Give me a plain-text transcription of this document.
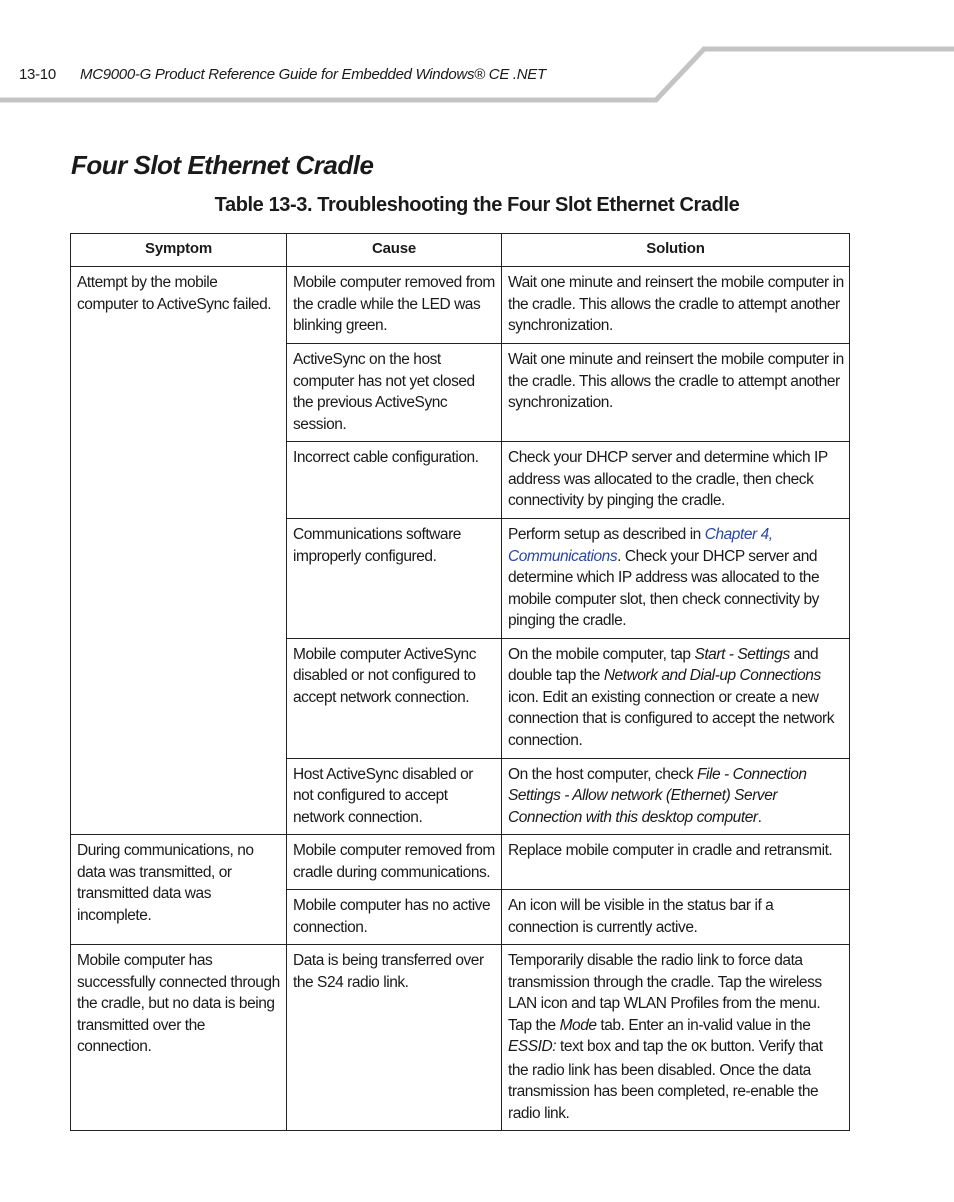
13-10 MC9000-G Product Reference Guide for Embedded Windows® CE .NET
Four Slot Ethernet Cradle
Table 13-3. Troubleshooting the Four Slot Ethernet Cradle
Symptom	Cause	Solution
Attempt by the mobile computer to ActiveSync failed.	Mobile computer removed from the cradle while the LED was blinking green.	Wait one minute and reinsert the mobile computer in the cradle. This allows the cradle to attempt another synchronization.
	ActiveSync on the host computer has not yet closed the previous ActiveSync session.	Wait one minute and reinsert the mobile computer in the cradle. This allows the cradle to attempt another synchronization.
	Incorrect cable configuration.	Check your DHCP server and determine which IP address was allocated to the cradle, then check connectivity by pinging the cradle.
	Communications software improperly configured.	Perform setup as described in Chapter 4, Communications. Check your DHCP server and determine which IP address was allocated to the mobile computer slot, then check connectivity by pinging the cradle.
	Mobile computer ActiveSync disabled or not configured to accept network connection.	On the mobile computer, tap Start - Settings and double tap the Network and Dial-up Connections icon. Edit an existing connection or create a new connection that is configured to accept the network connection.
	Host ActiveSync disabled or not configured to accept network connection.	On the host computer, check File - Connection Settings - Allow network (Ethernet) Server Connection with this desktop computer.
During communications, no data was transmitted, or transmitted data was incomplete.	Mobile computer removed from cradle during communications.	Replace mobile computer in cradle and retransmit.
	Mobile computer has no active connection.	An icon will be visible in the status bar if a connection is currently active.
Mobile computer has successfully connected through the cradle, but no data is being transmitted over the connection.	Data is being transferred over the S24 radio link.	Temporarily disable the radio link to force data transmission through the cradle. Tap the wireless LAN icon and tap WLAN Profiles from the menu. Tap the Mode tab. Enter an in-valid value in the ESSID: text box and tap the OK button. Verify that the radio link has been disabled. Once the data transmission has been completed, re-enable the radio link.
